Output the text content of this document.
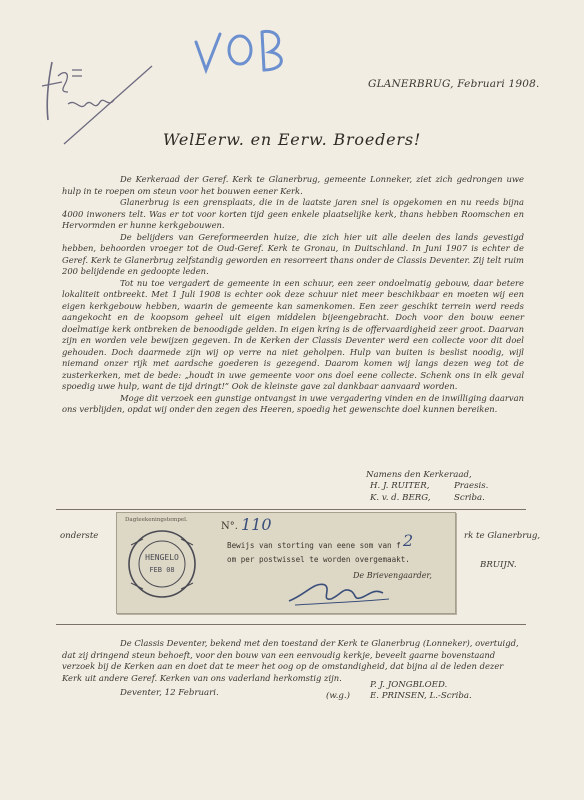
GLANERBRUG, Februari 1908.
WelEerw. en Eerw. Broeders!

De Kerkeraad der Geref. Kerk te Glanerbrug, gemeente Lonneker, ziet zich gedrongen uwe hulp in te roepen om steun voor het bouwen eener Kerk.

Glanerbrug is een grensplaats, die in de laatste jaren snel is opgekomen en nu reeds bijna 4000 inwoners telt. Was er tot voor korten tijd geen enkele plaatselijke kerk, thans hebben Roomschen en Hervormden er hunne kerkgebouwen.

De belijders van Gereformeerden huize, die zich hier uit alle deelen des lands gevestigd hebben, behoorden vroeger tot de Oud-Geref. Kerk te Gronau, in Duitschland. In Juni 1907 is echter de Geref. Kerk te Glanerbrug zelfstandig geworden en resorreert thans onder de Classis Deventer. Zij telt ruim 200 belijdende en gedoopte leden.

Tot nu toe vergadert de gemeente in een schuur, een zeer ondoelmatig gebouw, daar betere lokaliteit ontbreekt. Met 1 Juli 1908 is echter ook deze schuur niet meer beschikbaar en moeten wij een eigen kerkgebouw hebben, waarin de gemeente kan samenkomen. Een zeer geschikt terrein werd reeds aangekocht en de koopsom geheel uit eigen middelen bijeengebracht. Doch voor den bouw eener doelmatige kerk ontbreken de benoodigde gelden. In eigen kring is de offervaardigheid zeer groot. Daarvan zijn en worden vele bewijzen gegeven. In de Kerken der Classis Deventer werd een collecte voor dit doel gehouden. Doch daarmede zijn wij op verre na niet geholpen. Hulp van buiten is beslist noodig, wijl niemand onzer rijk met aardsche goederen is gezegend. Daarom komen wij langs dezen weg tot de zusterkerken, met de bede: „houdt in uwe gemeente voor ons doel eene collecte. Schenk ons in elk geval spoedig uwe hulp, want de tijd dringt!” Ook de kleinste gave zal dankbaar aanvaard worden.

Moge dit verzoek een gunstige ontvangst in uwe vergadering vinden en de inwilliging daarvan ons verblijden, opdat wij onder den zegen des Heeren, spoedig het gewenschte doel kunnen bereiken.

Namens den Kerkeraad,
H. J. RUITER,	Praesis.
K. v. d. BERG,	Scriba.
onderste	rk te Glanerbrug,
BRUIJN.
Dagteekeningstempel.
HENGELO
FEB 08
N°. 110
Bewijs van storting van eene som van f 2
om per postwissel te worden overgemaakt.
De Brievengaarder,

De Classis Deventer, bekend met den toestand der Kerk te Glanerbrug (Lonneker), overtuigd, dat zij dringend steun behoeft, voor den bouw van een eenvoudig kerkje, beveelt gaarne bovenstaand verzoek bij de Kerken aan en doet dat te meer het oog op de omstandigheid, dat bijna al de leden dezer Kerk uit andere Geref. Kerken van ons vaderland herkomstig zijn.

Deventer, 12 Februari.
P. J. JONGBLOED.
(w.g.) E. PRINSEN, L.-Scriba.
